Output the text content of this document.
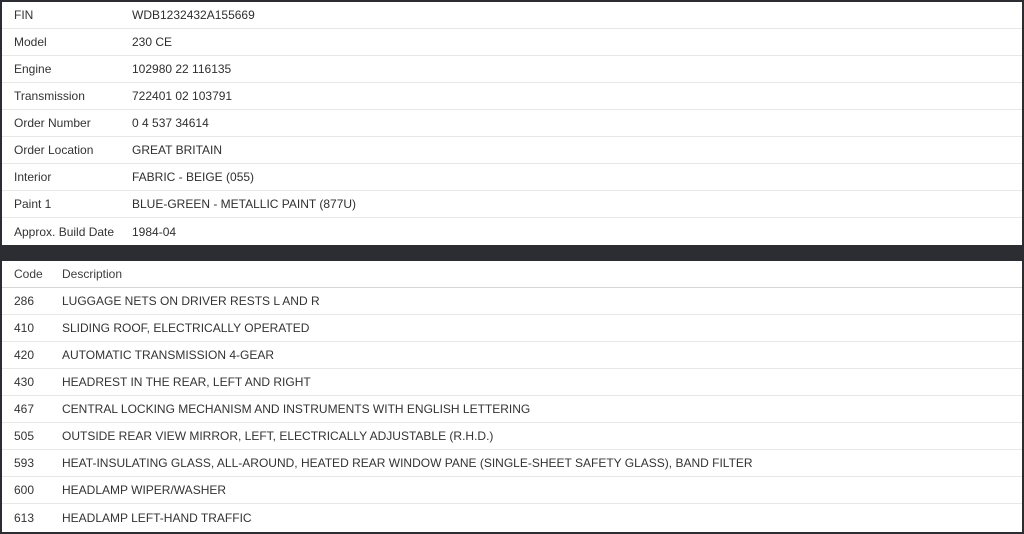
FIN	WDB1232432A155669
Model	230 CE
Engine	102980 22 116135
Transmission	722401 02 103791
Order Number	0 4 537 34614
Order Location	GREAT BRITAIN
Interior	FABRIC - BEIGE (055)
Paint 1	BLUE-GREEN - METALLIC PAINT (877U)
Approx. Build Date	1984-04
Code	Description
286	LUGGAGE NETS ON DRIVER RESTS L AND R
410	SLIDING ROOF, ELECTRICALLY OPERATED
420	AUTOMATIC TRANSMISSION 4-GEAR
430	HEADREST IN THE REAR, LEFT AND RIGHT
467	CENTRAL LOCKING MECHANISM AND INSTRUMENTS WITH ENGLISH LETTERING
505	OUTSIDE REAR VIEW MIRROR, LEFT, ELECTRICALLY ADJUSTABLE (R.H.D.)
593	HEAT-INSULATING GLASS, ALL-AROUND, HEATED REAR WINDOW PANE (SINGLE-SHEET SAFETY GLASS), BAND FILTER
600	HEADLAMP WIPER/WASHER
613	HEADLAMP LEFT-HAND TRAFFIC
